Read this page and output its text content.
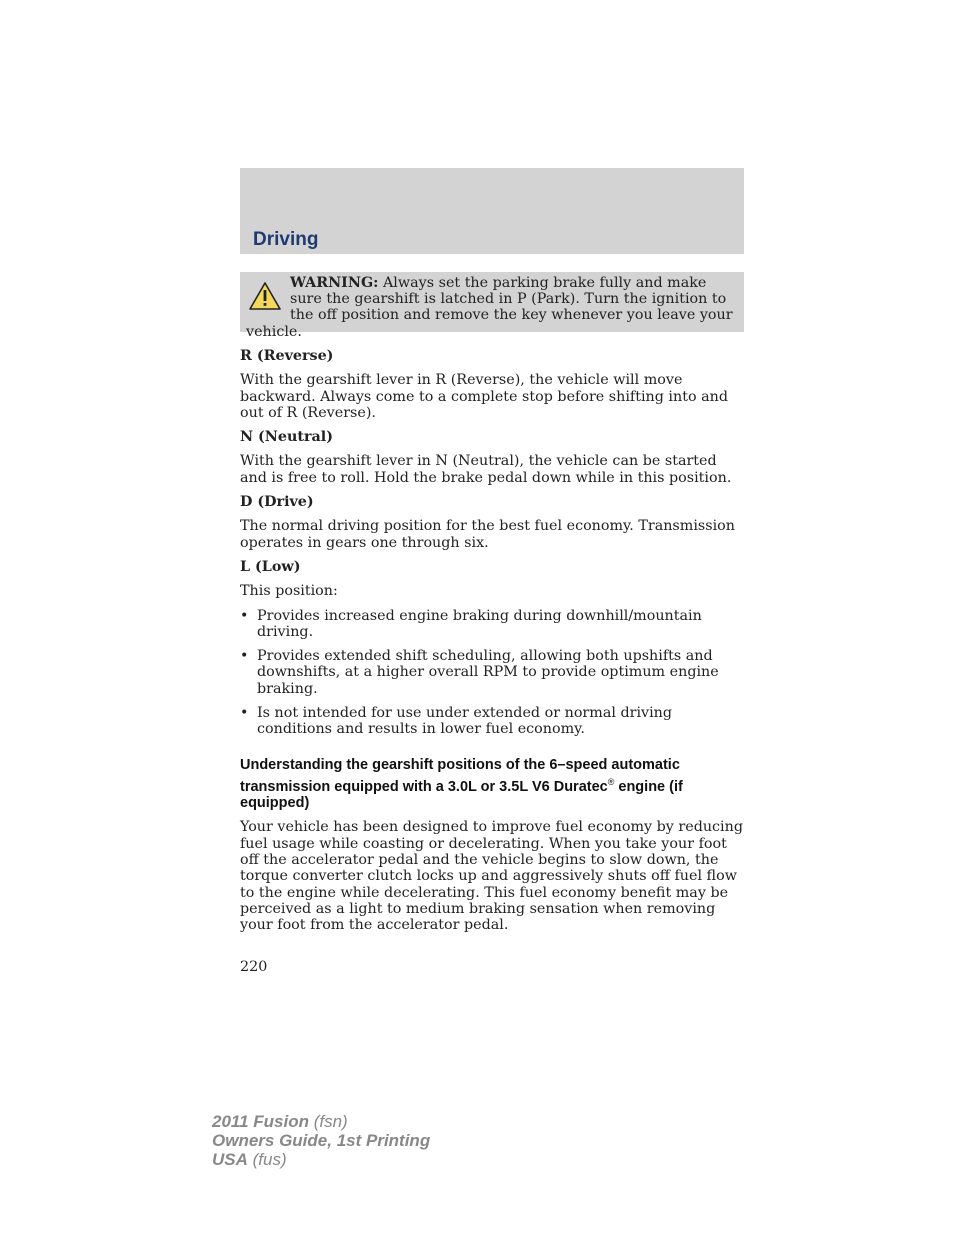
Driving
WARNING: Always set the parking brake fully and make sure the gearshift is latched in P (Park). Turn the ignition to the off position and remove the key whenever you leave your vehicle.

R (Reverse)

With the gearshift lever in R (Reverse), the vehicle will move backward. Always come to a complete stop before shifting into and out of R (Reverse).

N (Neutral)

With the gearshift lever in N (Neutral), the vehicle can be started and is free to roll. Hold the brake pedal down while in this position.

D (Drive)

The normal driving position for the best fuel economy. Transmission operates in gears one through six.

L (Low)

This position:

• Provides increased engine braking during downhill/mountain driving.
• Provides extended shift scheduling, allowing both upshifts and downshifts, at a higher overall RPM to provide optimum engine braking.
• Is not intended for use under extended or normal driving conditions and results in lower fuel economy.
Understanding the gearshift positions of the 6–speed automatic transmission equipped with a 3.0L or 3.5L V6 Duratec® engine (if equipped)

Your vehicle has been designed to improve fuel economy by reducing fuel usage while coasting or decelerating. When you take your foot off the accelerator pedal and the vehicle begins to slow down, the torque converter clutch locks up and aggressively shuts off fuel flow to the engine while decelerating. This fuel economy benefit may be perceived as a light to medium braking sensation when removing your foot from the accelerator pedal.

220
2011 Fusion (fsn)
Owners Guide, 1st Printing
USA (fus)
